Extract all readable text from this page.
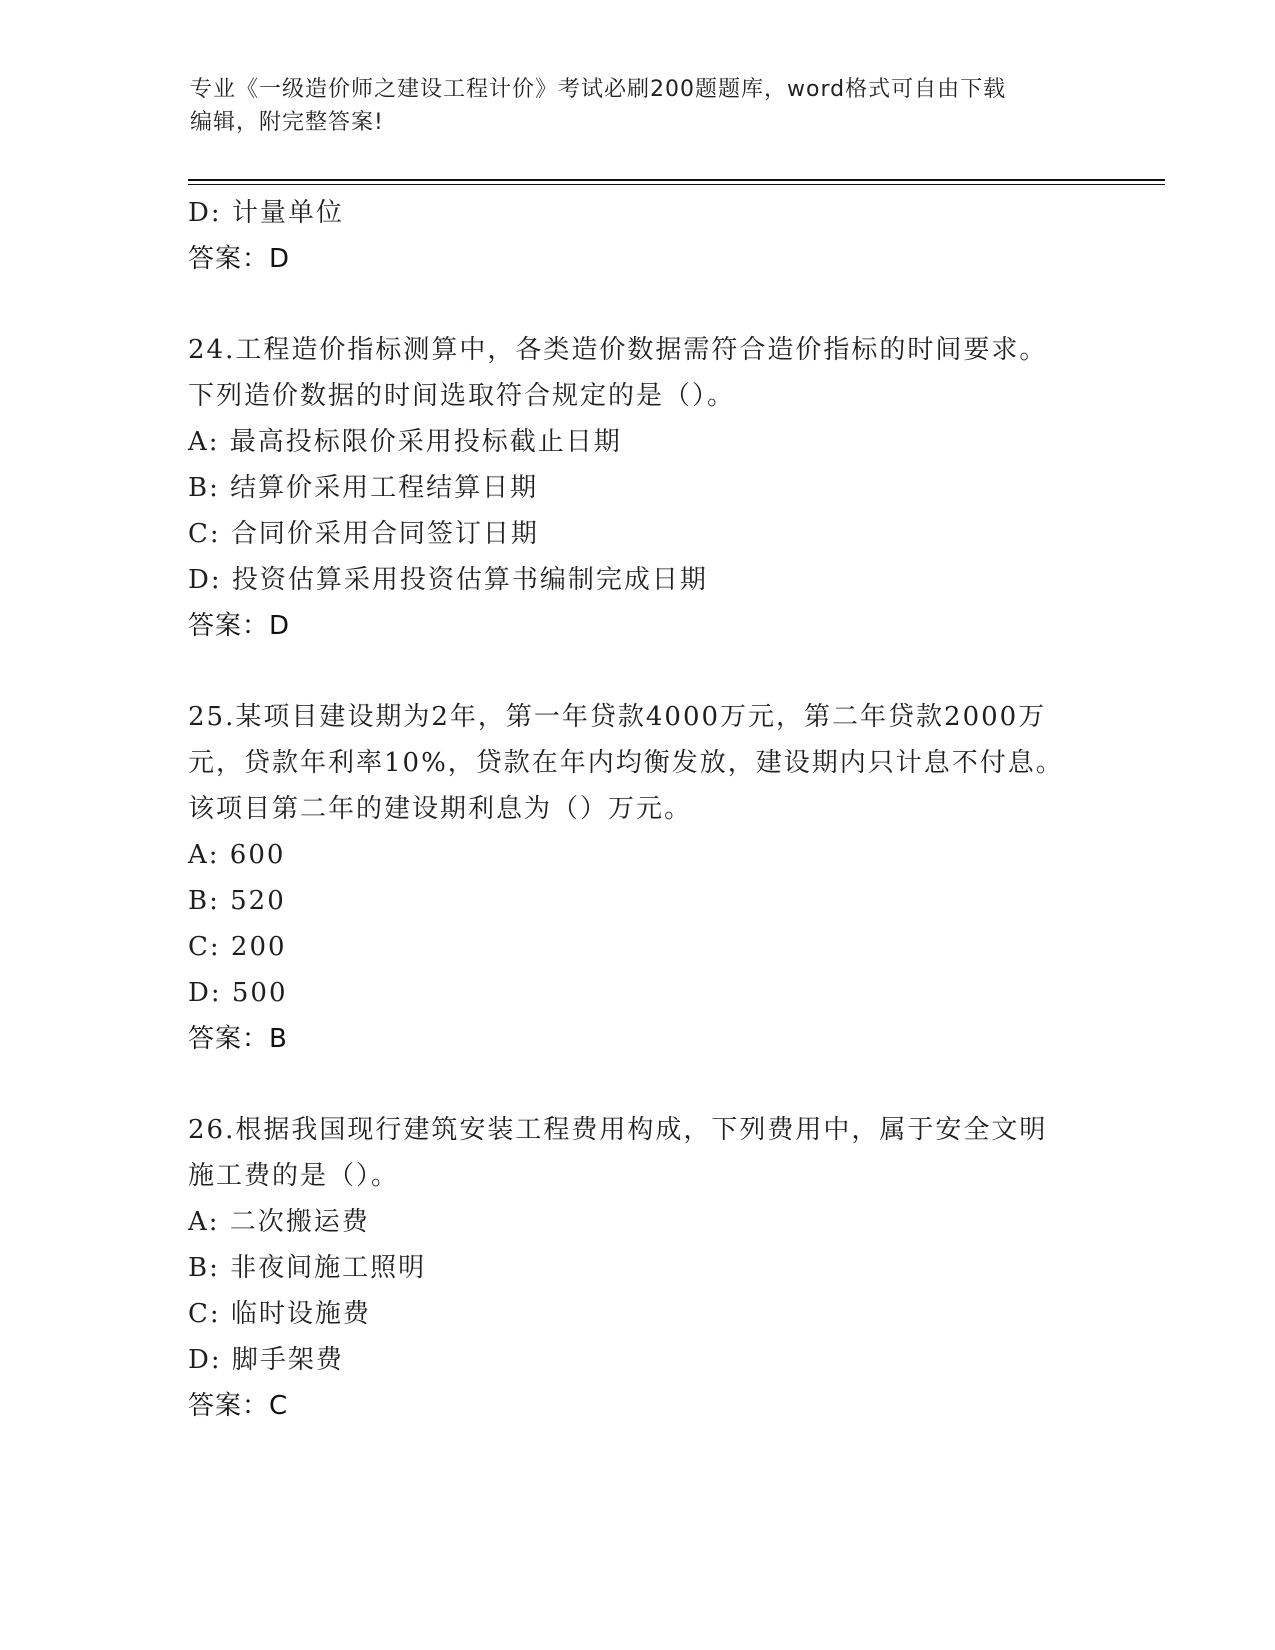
专业《一级造价师之建设工程计价》考试必刷200题题库，word格式可自由下载
编辑，附完整答案!
D: 计量单位
答案：D
24.工程造价指标测算中，各类造价数据需符合造价指标的时间要求。
下列造价数据的时间选取符合规定的是（）。
A: 最高投标限价采用投标截止日期
B: 结算价采用工程结算日期
C: 合同价采用合同签订日期
D: 投资估算采用投资估算书编制完成日期
答案：D
25.某项目建设期为2年，第一年贷款4000万元，第二年贷款2000万
元，贷款年利率10%，贷款在年内均衡发放，建设期内只计息不付息。
该项目第二年的建设期利息为（）万元。
A: 600
B: 520
C: 200
D: 500
答案：B
26.根据我国现行建筑安装工程费用构成，下列费用中，属于安全文明
施工费的是（）。
A: 二次搬运费
B: 非夜间施工照明
C: 临时设施费
D: 脚手架费
答案：C
